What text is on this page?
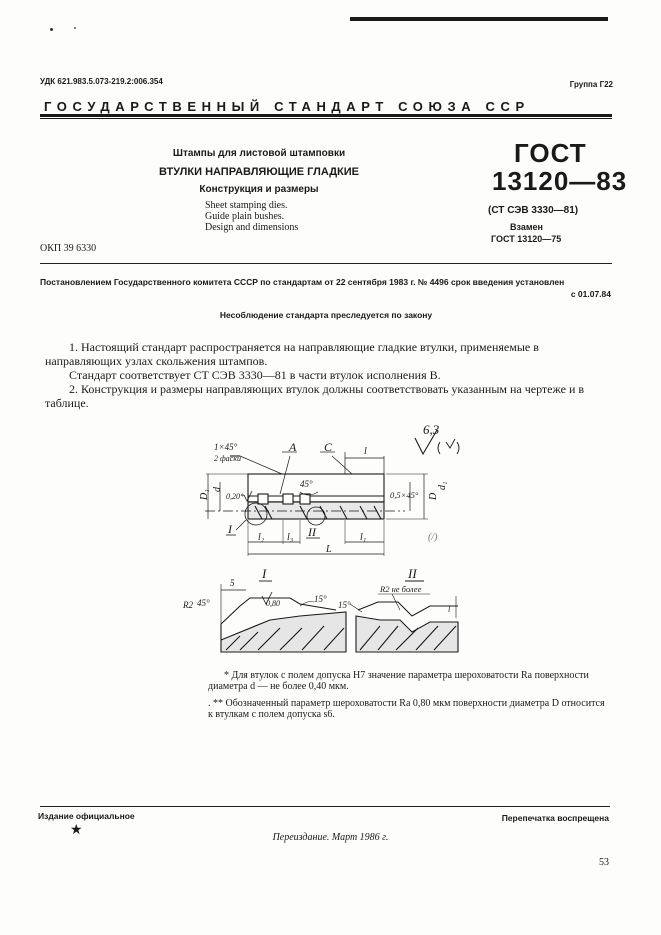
УДК 621.983.5.073-219.2:006.354	Группа Г22
ГОСУДАРСТВЕННЫЙ СТАНДАРТ СОЮЗА ССР
Штампы для листовой штамповки
ВТУЛКИ НАПРАВЛЯЮЩИЕ ГЛАДКИЕ
Конструкция и размеры
Sheet stamping dies.
Guide plain bushes.
Design and dimensions
ГОСТ
13120—83
(СТ СЭВ 3330—81)
Взамен
ГОСТ 13120—75
ОКП 39 6330
Постановлением Государственного комитета СССР по стандартам от 22 сентября 1983 г. № 4496 срок введения установлен
с 01.07.84
Несоблюдение стандарта преследуется по закону
1. Настоящий стандарт распространяется на направляющие гладкие втулки, применяемые в направляющих узлах скольжения штампов.
Стандарт соответствует СТ СЭВ 3330—81 в части втулок исполнения В.
2. Конструкция и размеры направляющих втулок должны соответствовать указанным на чертеже и в таблице.
6,3
1×45°
2 фаски
А С	l
D₁ d
0,20*
45°
0,5×45° D
d₁
(/)
I	II
l₂ l₃
L
l₁
I
5
R2 45°	0,80	15°
II
R2 не более
l
15°
* Для втулок с полем допуска H7 значение параметра шероховатости Ra поверхности диаметра d — не более 0,40 мкм.
. ** Обозначенный параметр шероховатости Ra 0,80 мкм поверхности диаметра D относится к втулкам с полем допуска s6.
Издание официальное
★
Перепечатка воспрещена
Переиздание. Март 1986 г.
53
